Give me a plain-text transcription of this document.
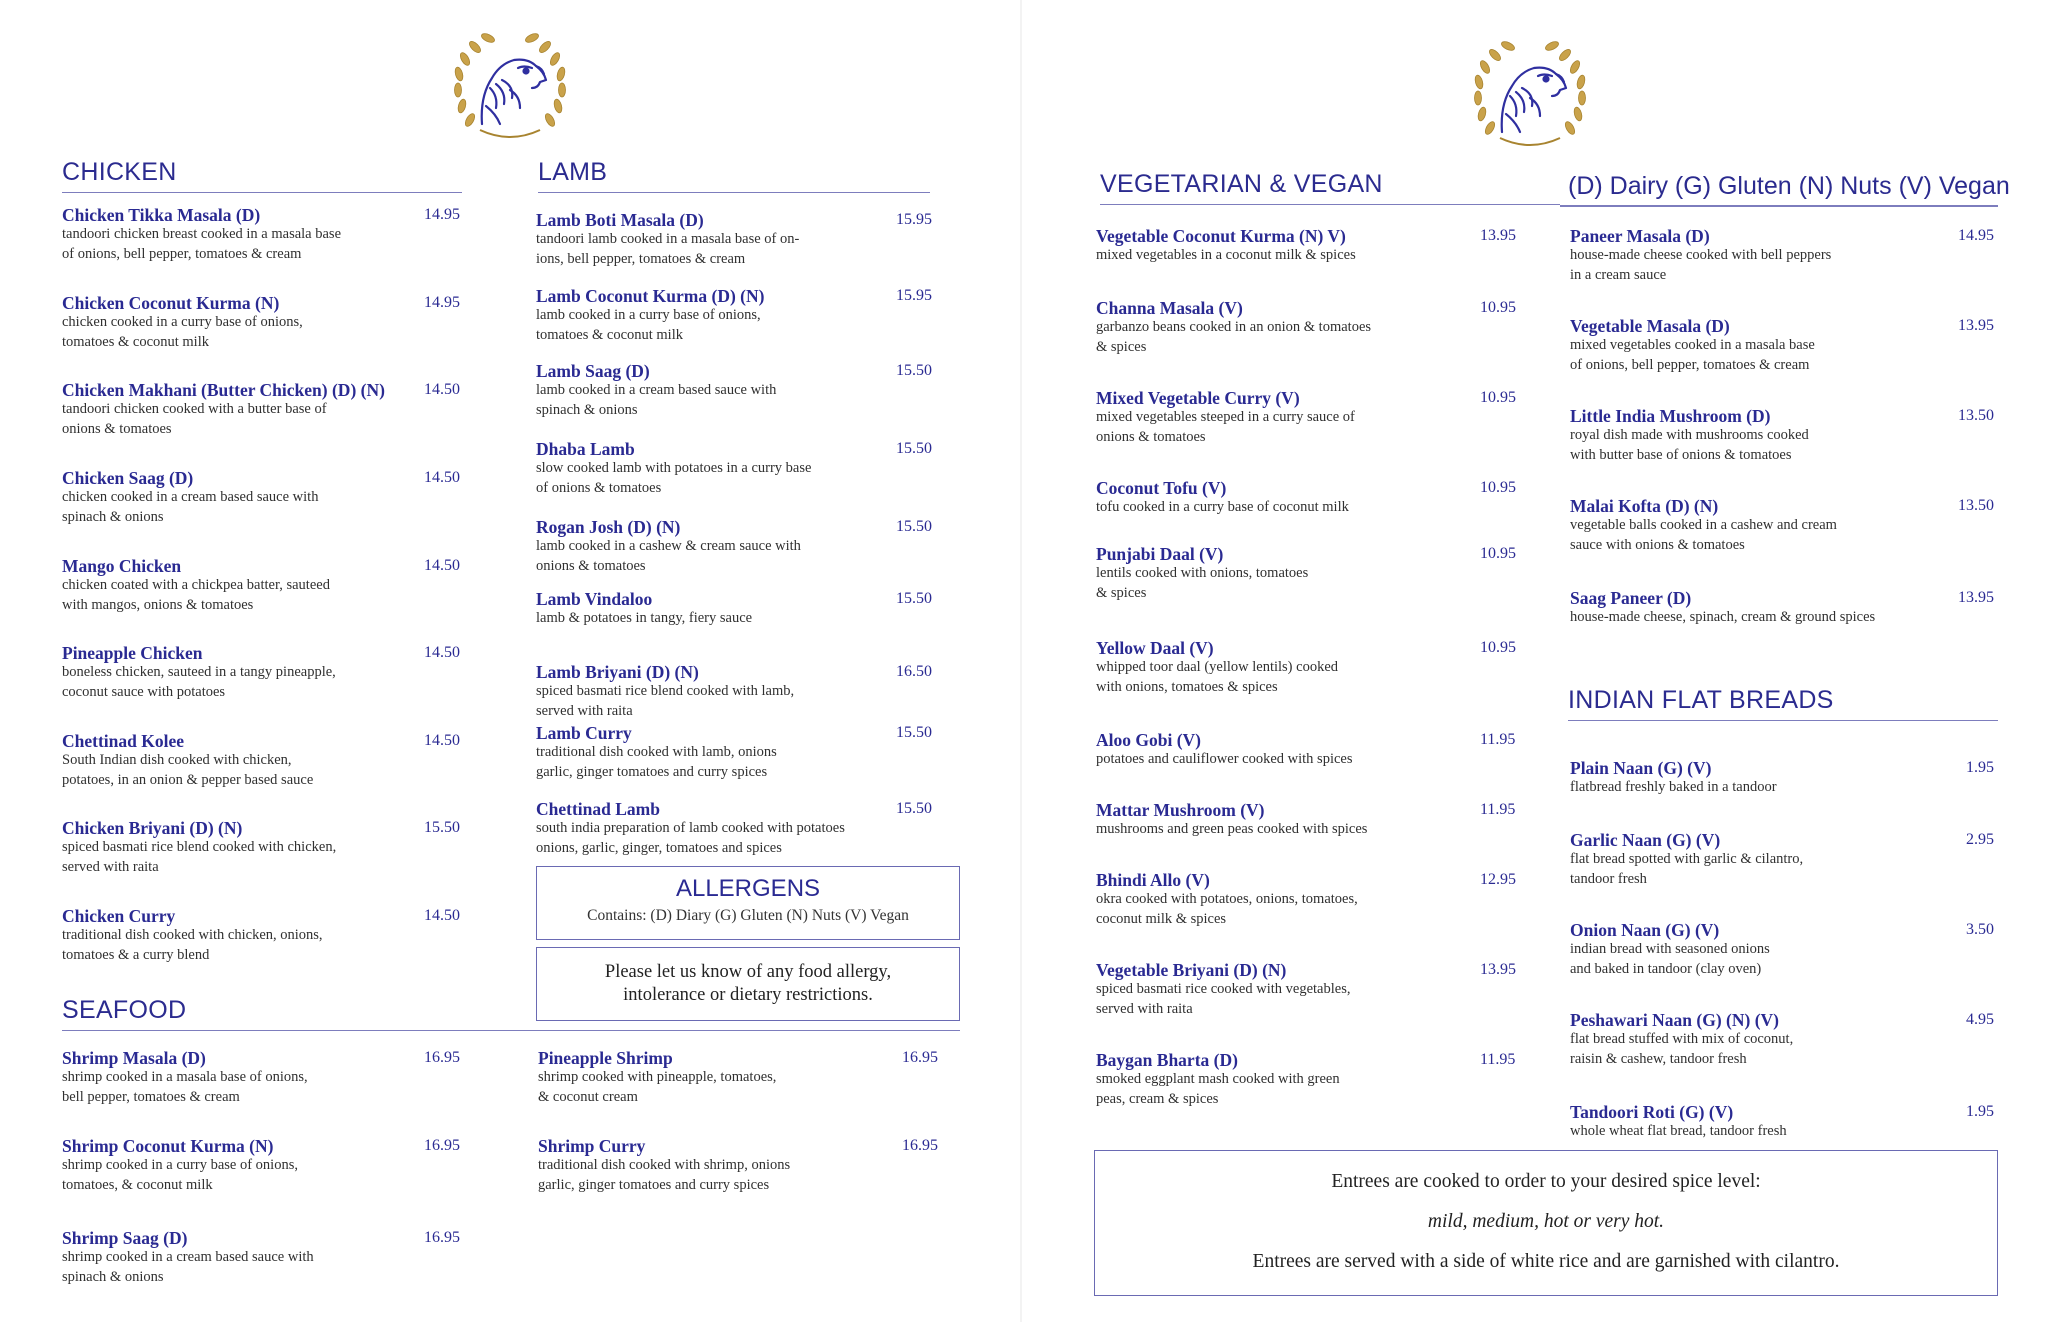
CHICKEN
Chicken Tikka Masala (D)
tandoori chicken breast cooked in a masala base
of onions, bell pepper, tomatoes & cream
14.95
Chicken Coconut Kurma (N)
chicken cooked in a curry base of onions,
tomatoes & coconut milk
14.95
Chicken Makhani (Butter Chicken) (D) (N)
tandoori chicken cooked with a butter base of
onions & tomatoes
14.50
Chicken Saag (D)
chicken cooked in a cream based sauce with
spinach & onions
14.50
Mango Chicken
chicken coated with a chickpea batter, sauteed
with mangos, onions & tomatoes
14.50
Pineapple Chicken
boneless chicken, sauteed in a tangy pineapple,
coconut sauce with potatoes
14.50
Chettinad Kolee
South Indian dish cooked with chicken,
potatoes, in an onion & pepper based sauce
14.50
Chicken Briyani (D) (N)
spiced basmati rice blend cooked with chicken,
served with raita
15.50
Chicken Curry
traditional dish cooked with chicken, onions,
tomatoes & a curry blend
14.50
LAMB
Lamb Boti Masala (D)
tandoori lamb cooked in a masala base of on-
ions, bell pepper, tomatoes & cream
15.95
Lamb Coconut Kurma (D) (N)
lamb cooked in a curry base of onions,
tomatoes & coconut milk
15.95
Lamb Saag (D)
lamb cooked in a cream based sauce with
spinach & onions
15.50
Dhaba Lamb
slow cooked lamb with potatoes in a curry base
of onions & tomatoes
15.50
Rogan Josh (D) (N)
lamb cooked in a cashew & cream sauce with
onions & tomatoes
15.50
Lamb Vindaloo
lamb & potatoes in tangy, fiery sauce
15.50
Lamb Briyani (D) (N)
spiced basmati rice blend cooked with lamb,
served with raita
16.50
Lamb Curry
traditional dish cooked with lamb, onions
garlic, ginger tomatoes and curry spices
15.50
Chettinad Lamb
south india preparation of lamb cooked with potatoes
onions, garlic, ginger, tomatoes and spices
15.50
ALLERGENS
Contains: (D) Diary (G) Gluten (N) Nuts (V) Vegan
Please let us know of any food allergy,
intolerance or dietary restrictions.
SEAFOOD
Shrimp Masala (D)
shrimp cooked in a masala base of onions,
bell pepper, tomatoes & cream
16.95
Shrimp Coconut Kurma (N)
shrimp cooked in a curry base of onions,
tomatoes, & coconut milk
16.95
Shrimp Saag (D)
shrimp cooked in a cream based sauce with
spinach & onions
16.95
Pineapple Shrimp
shrimp cooked with pineapple, tomatoes,
& coconut cream
16.95
Shrimp Curry
traditional dish cooked with shrimp, onions
garlic, ginger tomatoes and curry spices
16.95
VEGETARIAN & VEGAN
Vegetable Coconut Kurma (N) V)
mixed vegetables in a coconut milk & spices
13.95
Channa Masala (V)
garbanzo beans cooked in an onion & tomatoes
& spices
10.95
Mixed Vegetable Curry (V)
mixed vegetables steeped in a curry sauce of
onions & tomatoes
10.95
Coconut Tofu (V)
tofu cooked in a curry base of coconut milk
10.95
Punjabi Daal (V)
lentils cooked with onions, tomatoes
& spices
10.95
Yellow Daal (V)
whipped toor daal (yellow lentils) cooked
with onions, tomatoes & spices
10.95
Aloo Gobi (V)
potatoes and cauliflower cooked with spices
11.95
Mattar Mushroom (V)
mushrooms and green peas cooked with spices
11.95
Bhindi Allo (V)
okra cooked with potatoes, onions, tomatoes,
coconut milk & spices
12.95
Vegetable Briyani (D) (N)
spiced basmati rice cooked with vegetables,
served with raita
13.95
Baygan Bharta (D)
smoked eggplant mash cooked with green
peas, cream & spices
11.95
(D) Dairy (G) Gluten (N) Nuts (V) Vegan
Paneer Masala (D)
house-made cheese cooked with bell peppers
in a cream sauce
14.95
Vegetable Masala (D)
mixed vegetables cooked in a masala base
of onions, bell pepper, tomatoes & cream
13.95
Little India Mushroom (D)
royal dish made with mushrooms cooked
with butter base of onions & tomatoes
13.50
Malai Kofta (D) (N)
vegetable balls cooked in a cashew and cream
sauce with onions & tomatoes
13.50
Saag Paneer (D)
house-made cheese, spinach, cream & ground spices
13.95
INDIAN FLAT BREADS
Plain Naan (G) (V)
flatbread freshly baked in a tandoor
1.95
Garlic Naan (G) (V)
flat bread spotted with garlic & cilantro,
tandoor fresh
2.95
Onion Naan (G) (V)
indian bread with seasoned onions
and baked in tandoor (clay oven)
3.50
Peshawari Naan (G) (N) (V)
flat bread stuffed with mix of coconut,
raisin & cashew, tandoor fresh
4.95
Tandoori Roti (G) (V)
whole wheat flat bread, tandoor fresh
1.95

Entrees are cooked to order to your desired spice level:

mild, medium, hot or very hot.

Entrees are served with a side of white rice and are garnished with cilantro.
